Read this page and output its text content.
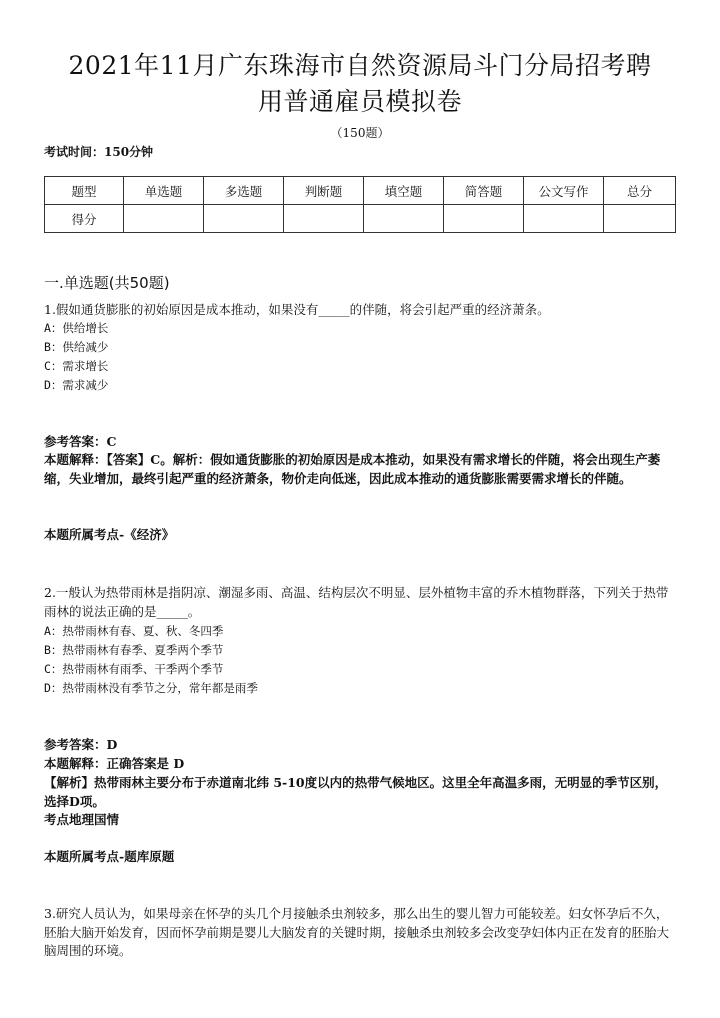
2021年11月广东珠海市自然资源局斗门分局招考聘
用普通雇员模拟卷
（150题）
考试时间：150分钟
题型	单选题	多选题	判断题	填空题	简答题	公文写作	总分
得分							
一.单选题(共50题)
1.假如通货膨胀的初始原因是成本推动，如果没有_____的伴随，将会引起严重的经济萧条。
A：供给增长
B：供给减少
C：需求增长
D：需求减少
参考答案：C
本题解释：【答案】C。解析：假如通货膨胀的初始原因是成本推动，如果没有需求增长的伴随，将会出现生产萎缩，失业增加，最终引起严重的经济萧条，物价走向低迷，因此成本推动的通货膨胀需要需求增长的伴随。
本题所属考点-《经济》
2.一般认为热带雨林是指阴凉、潮湿多雨、高温、结构层次不明显、层外植物丰富的乔木植物群落，下列关于热带雨林的说法正确的是_____。
A：热带雨林有春、夏、秋、冬四季
B：热带雨林有春季、夏季两个季节
C：热带雨林有雨季、干季两个季节
D：热带雨林没有季节之分，常年都是雨季
参考答案：D
本题解释：正确答案是 D
【解析】热带雨林主要分布于赤道南北纬 5-10度以内的热带气候地区。这里全年高温多雨，无明显的季节区别，选择D项。
考点地理国情
本题所属考点-题库原题
3.研究人员认为，如果母亲在怀孕的头几个月接触杀虫剂较多，那么出生的婴儿智力可能较差。妇女怀孕后不久，胚胎大脑开始发育，因而怀孕前期是婴儿大脑发育的关键时期，接触杀虫剂较多会改变孕妇体内正在发育的胚胎大脑周围的环境。
